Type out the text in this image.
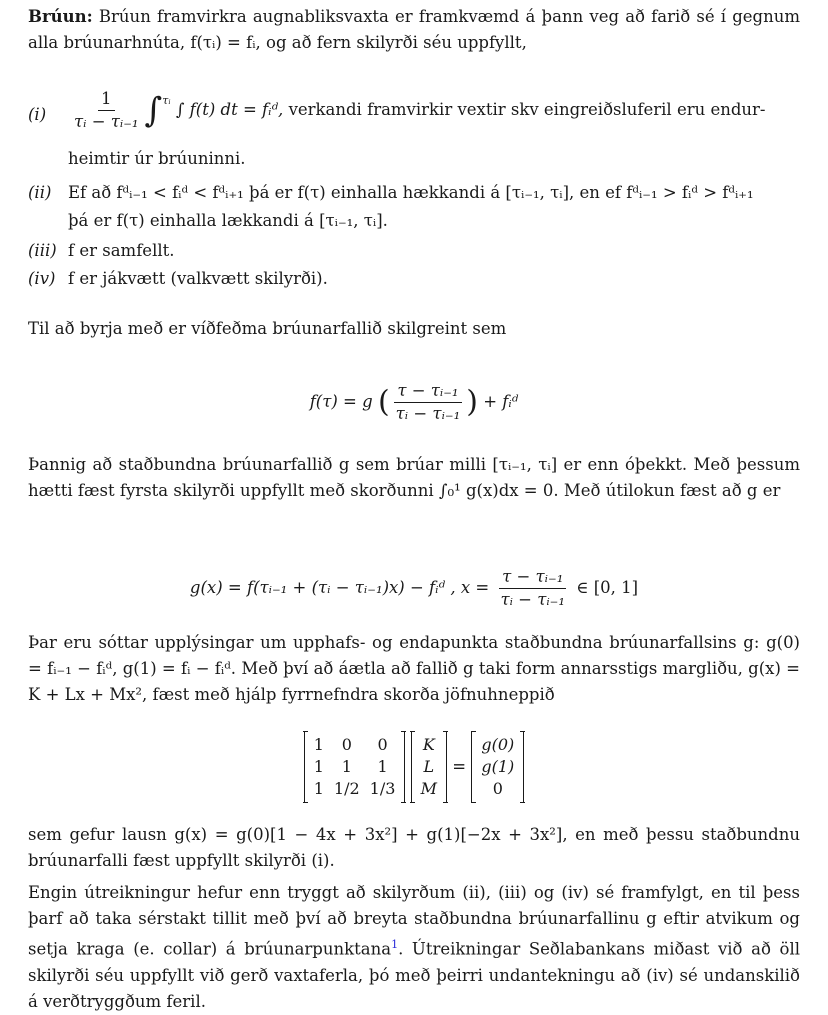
Brúun: Brúun framvirkra augnabliksvaxta er framkvæmd á þann veg að farið sé í gegnum alla brúunarhnúta, f(τᵢ) = fᵢ, og að fern skilyrði séu uppfyllt,

(i)	$\frac{1}{\text{τᵢ − τᵢ₋₁}} \int^{\tau ᵢ}$ ∫ f(t) dt = fᵢᵈ, verkandi framvirkir vextir skv eingreiðsluferil eru endur-
heimtir úr brúuninni.
(ii)	Ef að fᵈᵢ₋₁ < fᵢᵈ < fᵈᵢ₊₁ þá er f(τ) einhalla hækkandi á [τᵢ₋₁, τᵢ], en ef fᵈᵢ₋₁ > fᵢᵈ > fᵈᵢ₊₁
þá er f(τ) einhalla lækkandi á [τᵢ₋₁, τᵢ].
(iii) f er samfellt.
(iv) f er jákvætt (valkvætt skilyrði).

Til að byrja með er víðfeðma brúunarfallið skilgreint sem

f(τ) = g ( $\frac{\text{τ − τᵢ₋₁}}{\text{τᵢ − τᵢ₋₁}}$ ) + fᵢᵈ

Þannig að staðbundna brúunarfallið g sem brúar milli [τᵢ₋₁, τᵢ] er enn óþekkt. Með þessum hætti fæst fyrsta skilyrði uppfyllt með skorðunni ∫₀¹ g(x)dx = 0. Með útilokun fæst að g er

g(x) = f(τᵢ₋₁ + (τᵢ − τᵢ₋₁)x) − fᵢᵈ , $x = \frac{\text{τ − τᵢ₋₁}}{\text{τᵢ − τᵢ₋₁}}$ ∈ [0, 1]

Þar eru sóttar upplýsingar um upphafs- og endapunkta staðbundna brúunarfallsins g: g(0) = fᵢ₋₁ − fᵢᵈ, g(1) = fᵢ − fᵢᵈ. Með því að áætla að fallið g taki form annarsstigs margliðu, g(x) = K + Lx + Mx², fæst með hjálp fyrrnefndra skorða jöfnuhneppið

1	0	0
1	1	1
1	1/2	1/3

K
L
M
=
g(0)
g(1)
0

sem gefur lausn g(x) = g(0)[1 − 4x + 3x²] + g(1)[−2x + 3x²], en með þessu staðbundnu brúunarfalli fæst uppfyllt skilyrði (i).

Engin útreikningur hefur enn tryggt að skilyrðum (ii), (iii) og (iv) sé framfylgt, en til þess þarf að taka sérstakt tillit með því að breyta staðbundna brúunarfallinu g eftir atvikum og setja kraga (e. collar) á brúunarpunktana$^1$. Útreikningar Seðlabankans miðast við að öll skilyrði séu uppfyllt við gerð vaxtaferla, þó með þeirri undantekningu að (iv) sé undanskilið á verðtryggðum feril.
